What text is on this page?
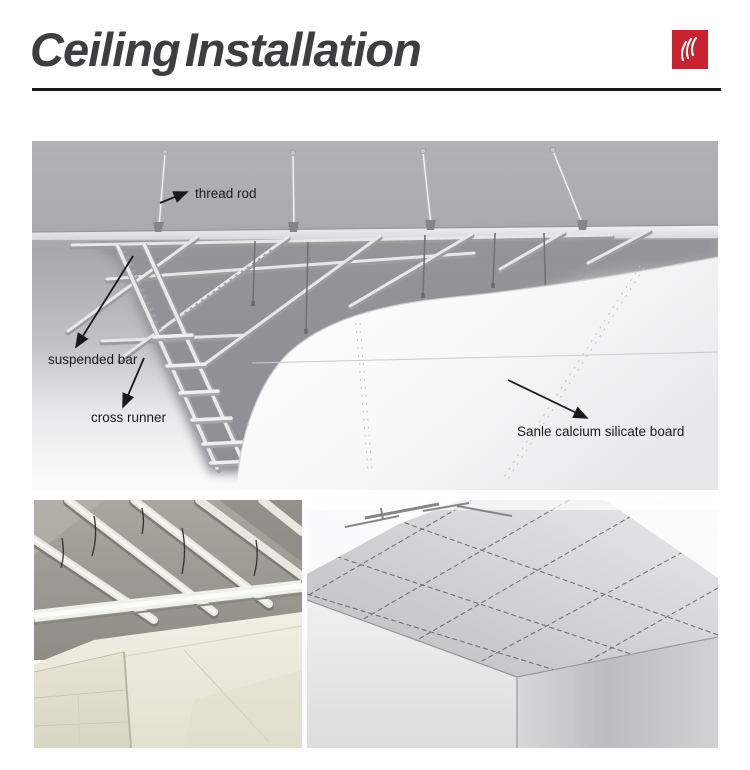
Ceiling Installation
thread rod
suspended bar
cross runner
Sanle calcium silicate board
